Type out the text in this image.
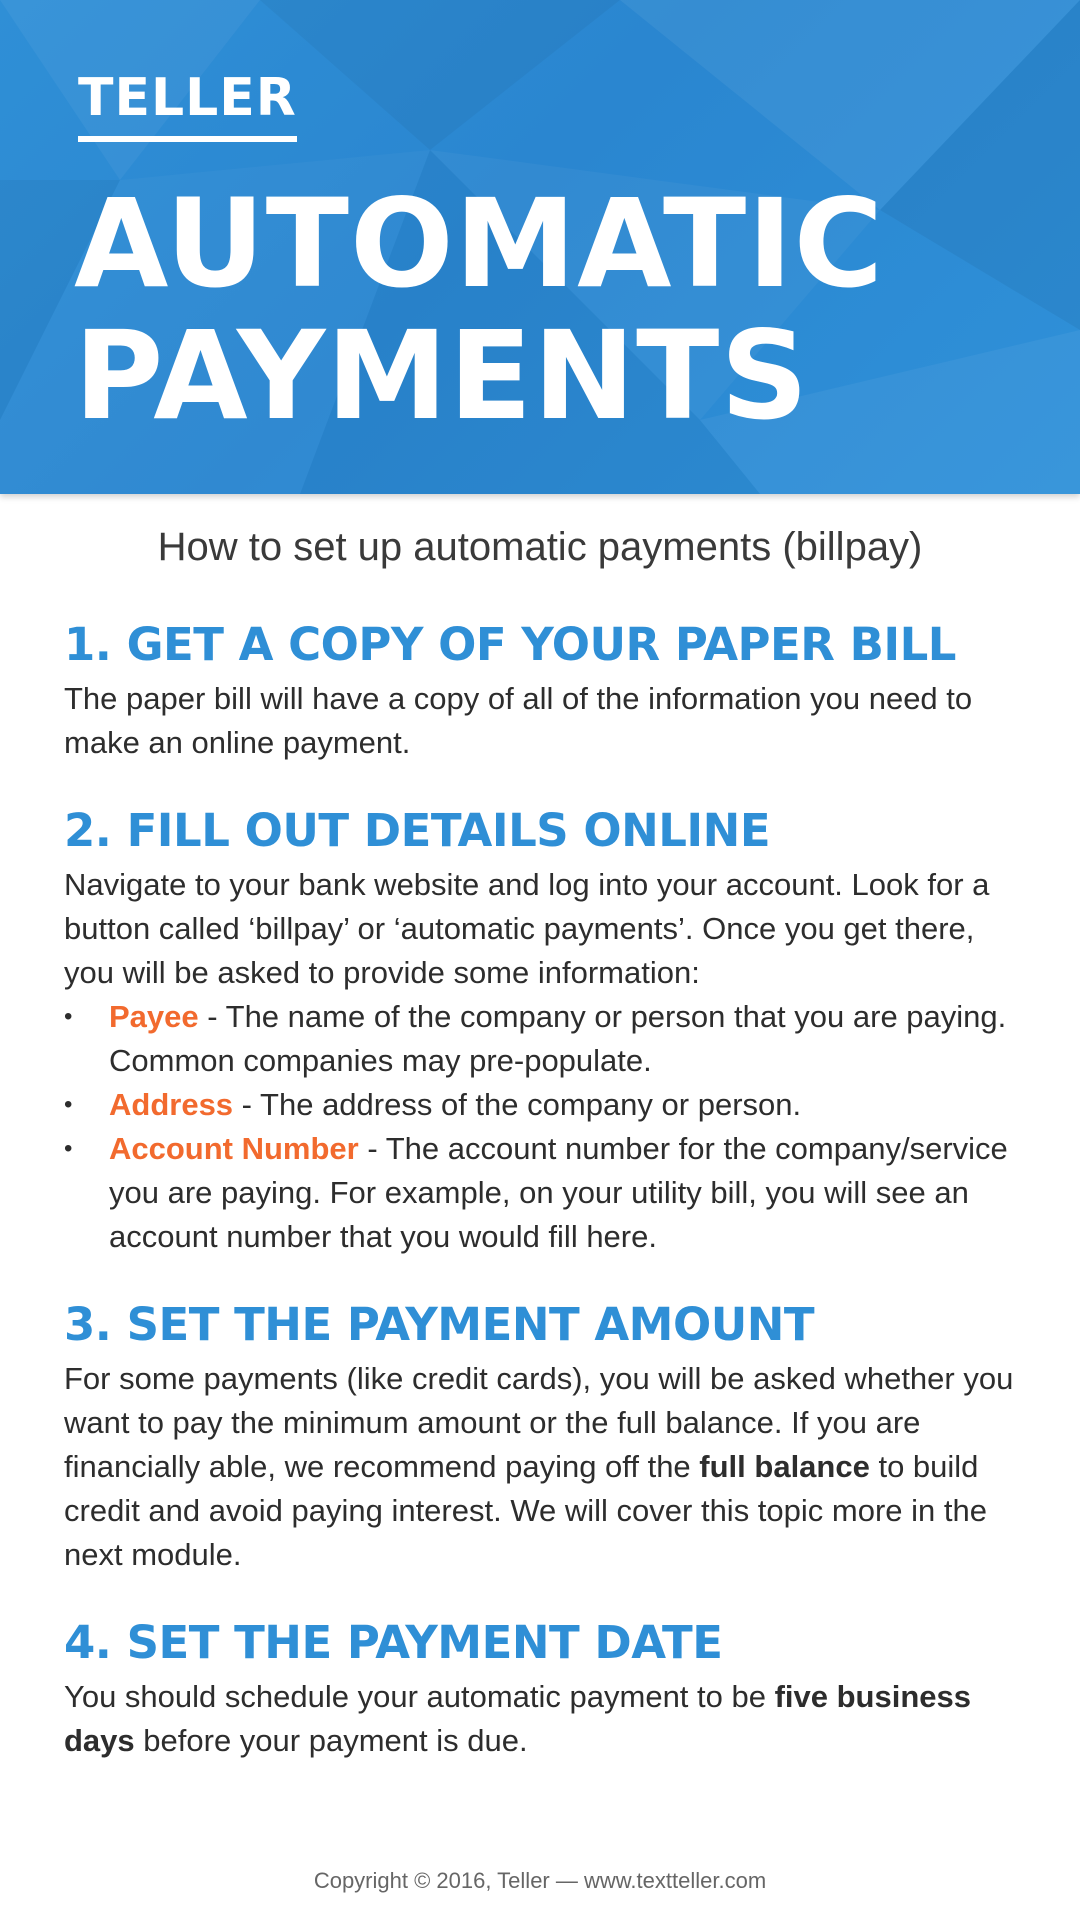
TELLER
AUTOMATIC
PAYMENTS
How to set up automatic payments (billpay)
1. GET A COPY OF YOUR PAPER BILL

The paper bill will have a copy of all of the information you need to make an online payment.

2. FILL OUT DETAILS ONLINE

Navigate to your bank website and log into your account. Look for a button called ‘billpay’ or ‘automatic payments’. Once you get there, you will be asked to provide some information:

• Payee - The name of the company or person that you are paying. Common companies may pre-populate.
• Address - The address of the company or person.
• Account Number - The account number for the company/service you are paying. For example, on your utility bill, you will see an account number that you would fill here.
3. SET THE PAYMENT AMOUNT

For some payments (like credit cards), you will be asked whether you want to pay the minimum amount or the full balance. If you are financially able, we recommend paying off the full balance to build credit and avoid paying interest. We will cover this topic more in the next module.

4. SET THE PAYMENT DATE

You should schedule your automatic payment to be five business days before your payment is due.

Copyright © 2016, Teller — www.textteller.com
